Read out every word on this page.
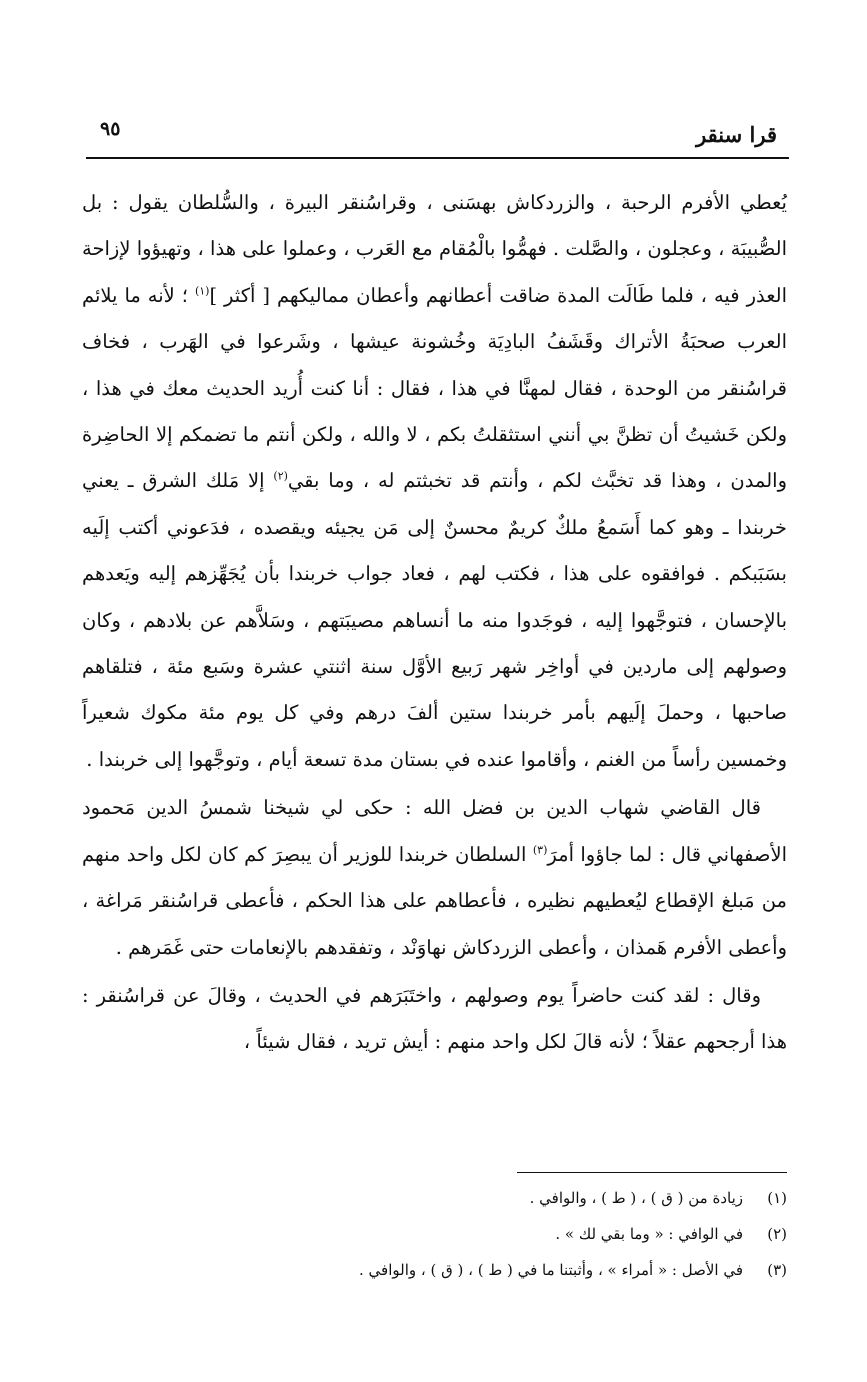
قرا سنقر
٩٥

يُعطي الأفرم الرحبة ، والزردكاش بهسَنى ، وقراسُنقر البيرة ، والسُّلطان يقول : بل الصُّبيبَة ، وعجلون ، والصَّلت . فهمُّوا بالْمُقام مع العَرب ، وعملوا على هذا ، وتهيؤوا لإزاحة العذر فيه ، فلما طَالَت المدة ضاقت أعطانهم وأعطان مماليكهم [ أكثر ]$^{(١)}$ ؛ لأنه ما يلائم العرب صحبَةُ الأتراك وقَشَفُ البادِيَة وخُشونة عيشها ، وشَرعوا في الهَرب ، فخاف قراسُنقر من الوحدة ، فقال لمهنَّا في هذا ، فقال : أنا كنت أُريد الحديث معك في هذا ، ولكن خَشيتُ أن تظنَّ بي أنني استثقلتُ بكم ، لا والله ، ولكن أنتم ما تضمكم إلا الحاضِرة والمدن ، وهذا قد تخبَّث لكم ، وأنتم قد تخبثتم له ، وما بقي$^{(٢)}$ إلا مَلك الشرق ـ يعني خربندا ـ وهو كما أَسَمعُ ملكٌ كريمٌ محسنٌ إلى مَن يجيئه ويقصده ، فدَعوني أكتب إلَيه بسَبَبكم . فوافقوه على هذا ، فكتب لهم ، فعاد جواب خربندا بأن يُجَهِّزهم إليه ويَعدهم بالإحسان ، فتوجَّهوا إليه ، فوجَدوا منه ما أنساهم مصيبَتهم ، وسَلاَّهم عن بلادهم ، وكان وصولهم إلى ماردين في أواخِر شهر رَبيع الأوَّل سنة اثنتي عشرة وسَبع مئة ، فتلقاهم صاحبها ، وحملَ إلَيهم بأمر خربندا ستين ألفَ درهم وفي كل يوم مئة مكوك شعيراً وخمسين رأساً من الغنم ، وأقاموا عنده في بستان مدة تسعة أيام ، وتوجَّهوا إلى خربندا .

قال القاضي شهاب الدين بن فضل الله : حكى لي شيخنا شمسُ الدين مَحمود الأصفهاني قال : لما جاؤوا أمرَ$^{(٣)}$ السلطان خربندا للوزير أن يبصِرَ كم كان لكل واحد منهم من مَبلغ الإقطاع ليُعطيهم نظيره ، فأعطاهم على هذا الحكم ، فأعطى قراسُنقر مَراغة ، وأعطى الأفرم هَمذان ، وأعطى الزردكاش نهاوَنْد ، وتفقدهم بالإنعامات حتى غَمَرهم .

وقال : لقد كنت حاضراً يوم وصولهم ، واختَبَرَهم في الحديث ، وقالَ عن قراسُنقر : هذا أرجحهم عقلاً ؛ لأنه قالَ لكل واحد منهم : أيش تريد ، فقال شيئاً ،

(١)
زيادة من ( ق ) ، ( ط ) ، والوافي .
(٢)
في الوافي : « وما بقي لك » .
(٣)
في الأصل : « أمراء » ، وأثبتنا ما في ( ط ) ، ( ق ) ، والوافي .
